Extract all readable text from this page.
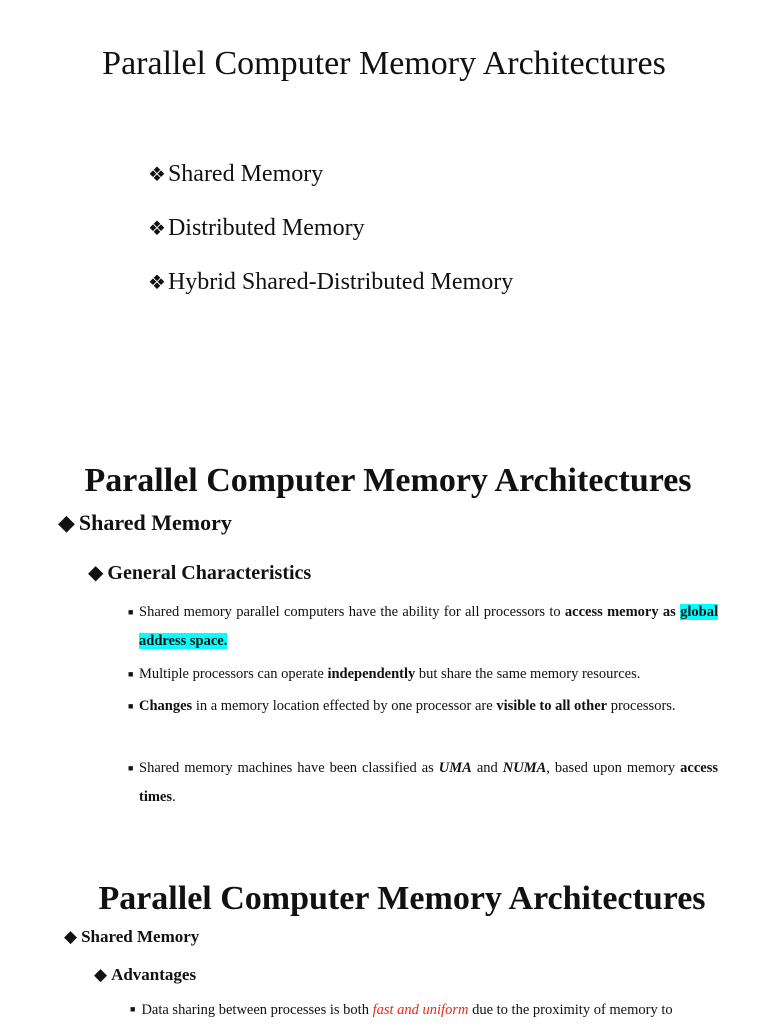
Parallel Computer Memory Architectures
❖Shared Memory
❖Distributed Memory
❖Hybrid Shared-Distributed Memory
Parallel Computer Memory Architectures
◆ Shared Memory
◆ General Characteristics
■ Shared memory parallel computers have the ability for all processors to access memory as global address space.
■ Multiple processors can operate independently but share the same memory resources.
■ Changes in a memory location effected by one processor are visible to all other processors.
■ Shared memory machines have been classified as UMA and NUMA, based upon memory access times.
Parallel Computer Memory Architectures
◆ Shared Memory
◆ Advantages
■ Data sharing between processes is both fast and uniform due to the proximity of memory to
